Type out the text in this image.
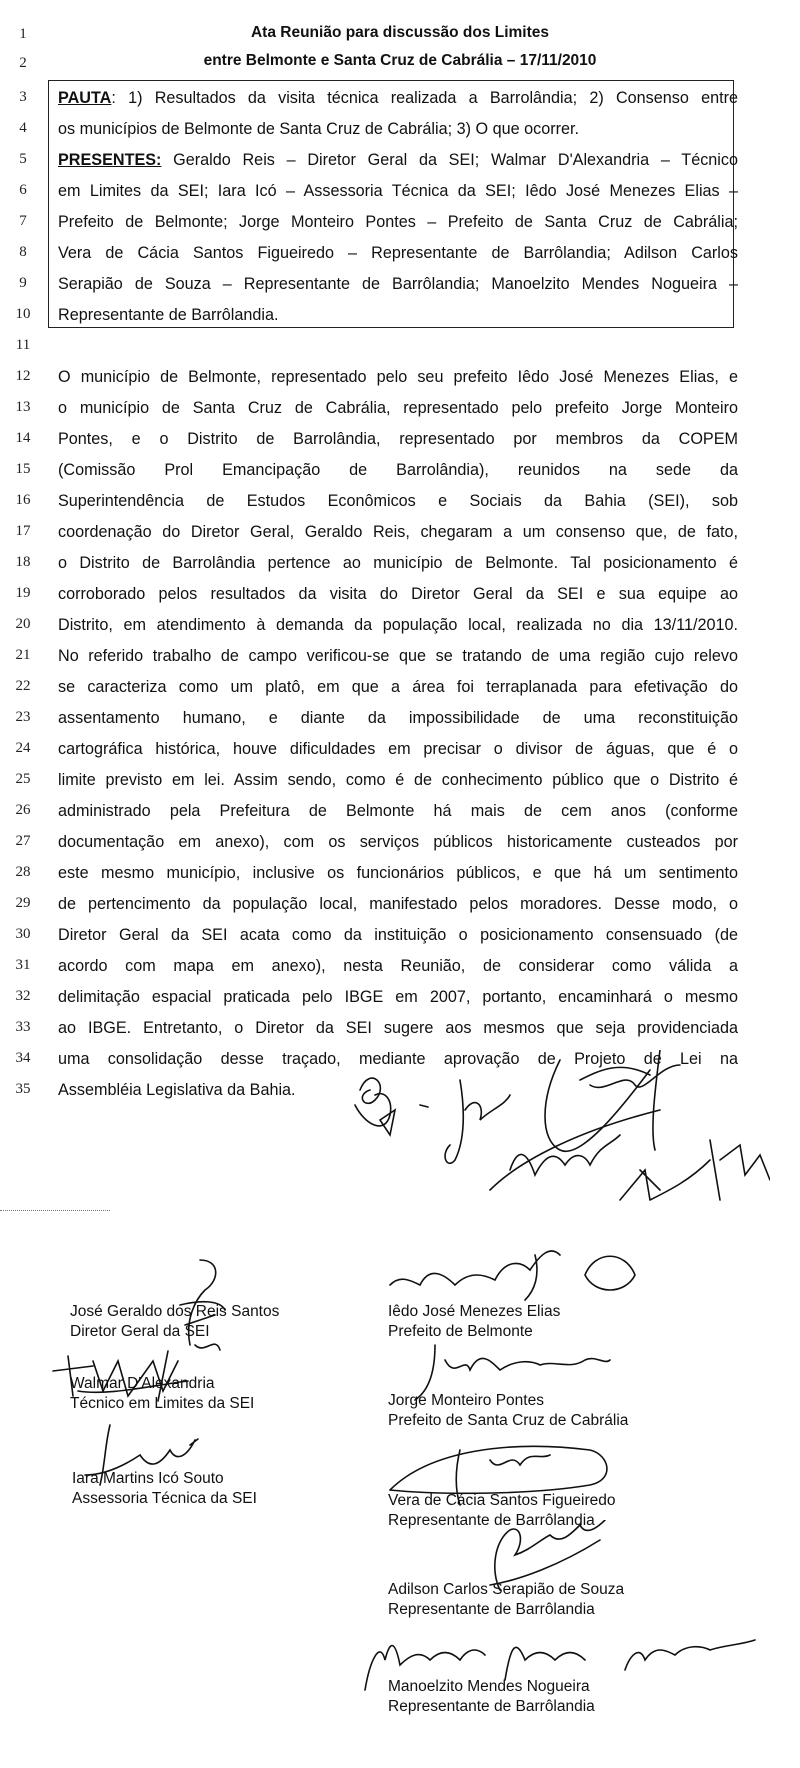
Ata Reunião para discussão dos Limites
entre Belmonte e Santa Cruz de Cabrália – 17/11/2010
1
2
3
4
5
6
7
8
9
10
11
12
13
14
15
16
17
18
19
20
21
22
23
24
25
26
27
28
29
30
31
32
33
34
35
PAUTA: 1) Resultados da visita técnica realizada a Barrolândia; 2) Consenso entre
os municípios de Belmonte de Santa Cruz de Cabrália; 3) O que ocorrer.
PRESENTES: Geraldo Reis – Diretor Geral da SEI; Walmar D'Alexandria – Técnico
em Limites da SEI; Iara Icó – Assessoria Técnica da SEI; Iêdo José Menezes Elias –
Prefeito de Belmonte; Jorge Monteiro Pontes – Prefeito de Santa Cruz de Cabrália;
Vera de Cácia Santos Figueiredo – Representante de Barrôlandia; Adilson Carlos
Serapião de Souza – Representante de Barrôlandia; Manoelzito Mendes Nogueira –
Representante de Barrôlandia.
O município de Belmonte, representado pelo seu prefeito Iêdo José Menezes Elias, e
o município de Santa Cruz de Cabrália, representado pelo prefeito Jorge Monteiro
Pontes, e o Distrito de Barrolândia, representado por membros da COPEM
(Comissão Prol Emancipação de Barrolândia), reunidos na sede da
Superintendência de Estudos Econômicos e Sociais da Bahia (SEI), sob
coordenação do Diretor Geral, Geraldo Reis, chegaram a um consenso que, de fato,
o Distrito de Barrolândia pertence ao município de Belmonte. Tal posicionamento é
corroborado pelos resultados da visita do Diretor Geral da SEI e sua equipe ao
Distrito, em atendimento à demanda da população local, realizada no dia 13/11/2010.
No referido trabalho de campo verificou-se que se tratando de uma região cujo relevo
se caracteriza como um platô, em que a área foi terraplanada para efetivação do
assentamento humano, e diante da impossibilidade de uma reconstituição
cartográfica histórica, houve dificuldades em precisar o divisor de águas, que é o
limite previsto em lei. Assim sendo, como é de conhecimento público que o Distrito é
administrado pela Prefeitura de Belmonte há mais de cem anos (conforme
documentação em anexo), com os serviços públicos historicamente custeados por
este mesmo município, inclusive os funcionários públicos, e que há um sentimento
de pertencimento da população local, manifestado pelos moradores. Desse modo, o
Diretor Geral da SEI acata como da instituição o posicionamento consensuado (de
acordo com mapa em anexo), nesta Reunião, de considerar como válida a
delimitação espacial praticada pelo IBGE em 2007, portanto, encaminhará o mesmo
ao IBGE. Entretanto, o Diretor da SEI sugere aos mesmos que seja providenciada
uma consolidação desse traçado, mediante aprovação de Projeto de Lei na
Assembléia Legislativa da Bahia.
José Geraldo dos Reis Santos
Diretor Geral da SEI
Walmar D'Alexandria
Técnico em Limites da SEI
Iara Martins Icó Souto
Assessoria Técnica da SEI
Iêdo José Menezes Elias
Prefeito de Belmonte
Jorge Monteiro Pontes
Prefeito de Santa Cruz de Cabrália
Vera de Cácia Santos Figueiredo
Representante de Barrôlandia
Adilson Carlos Serapião de Souza
Representante de Barrôlandia
Manoelzito Mendes Nogueira
Representante de Barrôlandia
